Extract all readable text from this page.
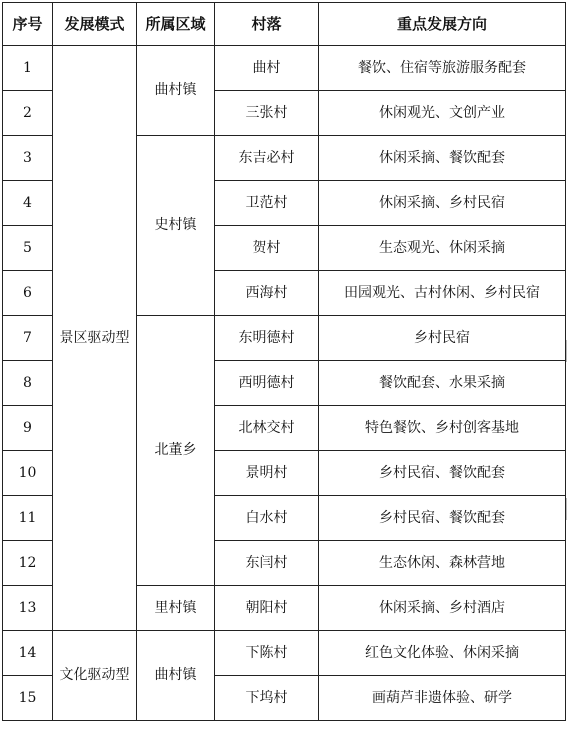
序号	发展模式	所属区域	村落	重点发展方向
1	景区驱动型	曲村镇	曲村	餐饮、住宿等旅游服务配套
2			三张村	休闲观光、文创产业
3		史村镇	东吉必村	休闲采摘、餐饮配套
4			卫范村	休闲采摘、乡村民宿
5			贺村	生态观光、休闲采摘
6			西海村	田园观光、古村休闲、乡村民宿
7		北董乡	东明德村	乡村民宿
8			西明德村	餐饮配套、水果采摘
9			北林交村	特色餐饮、乡村创客基地
10			景明村	乡村民宿、餐饮配套
11			白水村	乡村民宿、餐饮配套
12			东闫村	生态休闲、森林营地
13		里村镇	朝阳村	休闲采摘、乡村酒店
14	文化驱动型	曲村镇	下陈村	红色文化体验、休闲采摘
15			下坞村	画葫芦非遗体验、研学
